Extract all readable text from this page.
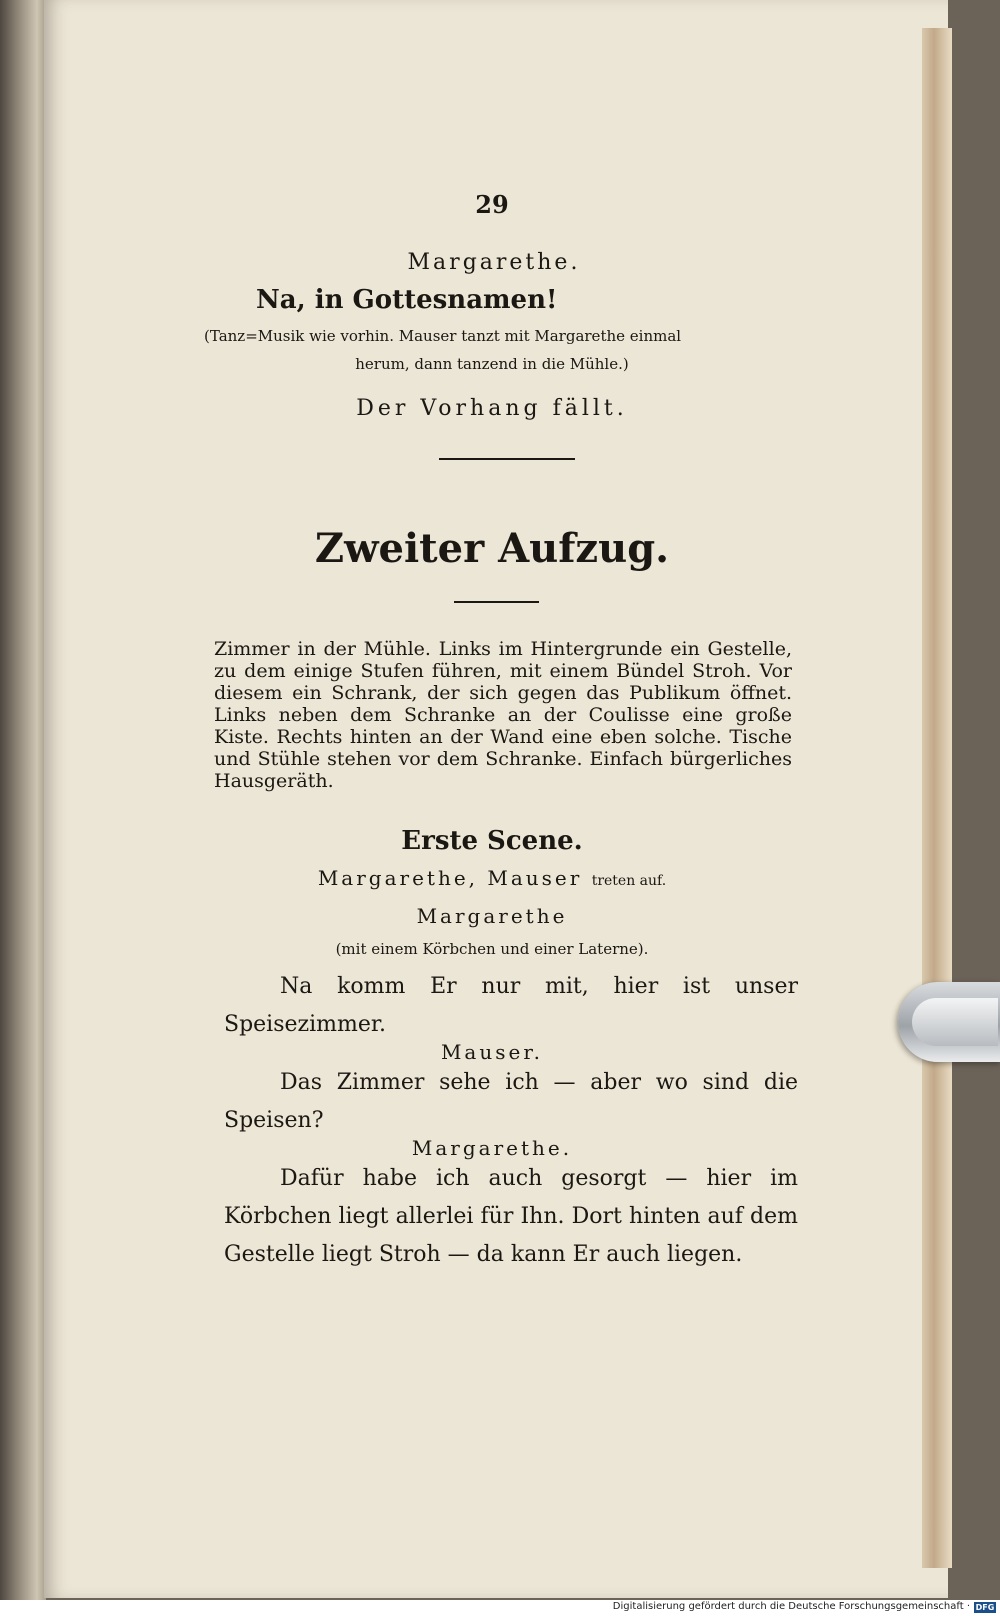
29
Margarethe.
Na, in Gottesnamen!
(Tanz=Musik wie vorhin. Mauser tanzt mit Margarethe einmal
herum, dann tanzend in die Mühle.)
Der Vorhang fällt.
Zweiter Aufzug.
Zimmer in der Mühle. Links im Hintergrunde ein Gestelle, zu dem einige Stufen führen, mit einem Bündel Stroh. Vor diesem ein Schrank, der sich gegen das Publikum öffnet. Links neben dem Schranke an der Coulisse eine große Kiste. Rechts hinten an der Wand eine eben solche. Tische und Stühle stehen vor dem Schranke. Einfach bürgerliches Hausgeräth.
Erste Scene.
Margarethe, Mauser treten auf.
Margarethe
(mit einem Körbchen und einer Laterne).
Na komm Er nur mit, hier ist unser Speisezimmer.
Mauser.
Das Zimmer sehe ich — aber wo sind die Speisen?
Margarethe.
Dafür habe ich auch gesorgt — hier im Körbchen liegt allerlei für Ihn. Dort hinten auf dem Gestelle liegt Stroh — da kann Er auch liegen.
Digitalisierung gefördert durch die Deutsche Forschungsgemeinschaft · DFG
